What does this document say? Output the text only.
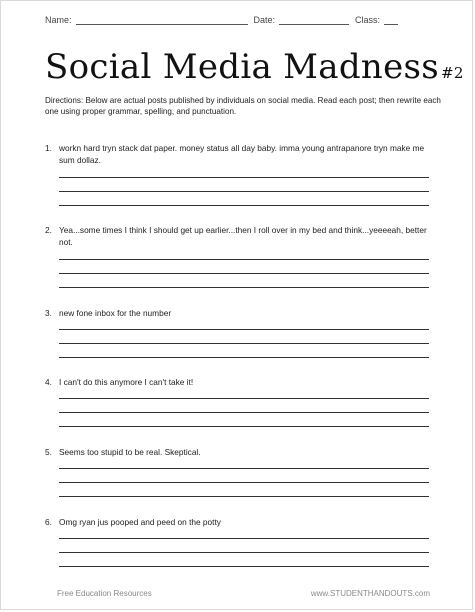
Name:	Date:	Class:
Social Media Madness #2
Directions: Below are actual posts published by individuals on social media. Read each post; then rewrite each one using proper grammar, spelling, and punctuation.
1. workn hard tryn stack dat paper. money status all day baby. imma young antrapanore tryn make me sum dollaz.
2. Yea...some times I think I should get up earlier...then I roll over in my bed and think...yeeeeah, better not.
3. new fone inbox for the number
4. I can't do this anymore I can't take it!
5. Seems too stupid to be real. Skeptical.
6. Omg ryan jus pooped and peed on the potty
Free Education Resources	www.STUDENTHANDOUTS.com
